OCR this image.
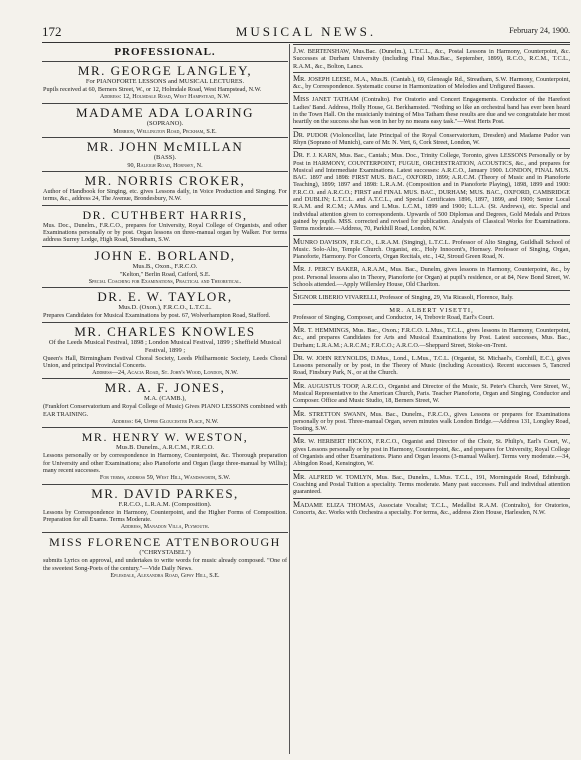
172	MUSICAL NEWS.	February 24, 1900.
PROFESSIONAL.
MR. GEORGE LANGLEY,
For PIANOFORTE LESSONS and MUSICAL LECTURES.
Pupils received at 60, Berners Street, W., or 12, Holmdale Road, West Hampstead, N.W.
Address: 12, Holmdale Road, West Hampstead, N.W.
MADAME ADA LOARING
(SOPRANO).
Merrion, Wellington Road, Peckham, S.E.
MR. JOHN McMILLAN
(BASS).
90, Raleigh Road, Hornsey, N.
MR. NORRIS CROKER,
Author of Handbook for Singing, etc. gives Lessons daily, in Voice Production and Singing. For terms, &c., address 24, The Avenue, Brondesbury, N.W.
DR. CUTHBERT HARRIS,
Mus. Doc., Dunelm., F.R.C.O., prepares for University, Royal College of Organists, and other Examinations personally or by post. Organ lessons on three-manual organ by Walker. For terms address Surrey Lodge, High Road, Streatham, S.W.
JOHN E. BORLAND,
Mus.B., Oxon., F.R.C.O.
"Kelton," Berlin Road, Catford, S.E.
Special Coaching for Examinations, Practical and Theoretical.
DR. E. W. TAYLOR,
Mus.D. (Oxon.), F.R.C.O., L.T.C.L.
Prepares Candidates for Musical Examinations by post. 67, Wolverhampton Road, Stafford.
MR. CHARLES KNOWLES
Of the Leeds Musical Festival, 1898 ; London Musical Festival, 1899 ; Sheffield Musical Festival, 1899 ;
Queen's Hall, Birmingham Festival Choral Society, Leeds Philharmonic Society, Leeds Choral Union, and principal Provincial Concerts.
Address—24, Acacia Road, St. John's Wood, London, N.W.
MR. A. F. JONES,
M.A. (CAMB.),
(Frankfort Conservatorium and Royal College of Music) Gives PIANO LESSONS combined with EAR TRAINING.
Address: 64, Upper Gloucester Place, N.W.
MR. HENRY W. WESTON,
Mus.B. Dunelm., A.R.C.M., F.R.C.O.
Lessons personally or by correspondence in Harmony, Counterpoint, &c. Thorough preparation for University and other Examinations; also Pianoforte and Organ (large three-manual by Willis); many recent successes.
For terms, address 59, West Hill, Wandsworth, S.W.
MR. DAVID PARKES,
F.R.C.O., L.R.A.M. (Composition).
Lessons by Correspondence in Harmony, Counterpoint, and the Higher Forms of Composition. Preparation for all Exams. Terms Moderate.
Address, Manadon Villa, Plymouth.
MISS FLORENCE ATTENBOROUGH
("CHRYSTABEL")
submits Lyrics on approval, and undertakes to write words for music already composed. "One of the sweetest Song-Poets of the century."—Vide Daily News.
Eplesdale, Alexandra Road, Gipsy Hill, S.E.
J.W. BERTENSHAW, Mus.Bac. (Dunelm.), L.T.C.L., &c., Postal Lessons in Harmony, Counterpoint, &c. Successes at Durham University (including Final Mus.Bac., September, 1899), R.C.O., R.C.M., T.C.L., R.A.M., &c., Bolton, Lancs.
MR. JOSEPH LEESE, M.A., Mus.B. (Cantab.), 69, Gleneagle Rd., Streatham, S.W. Harmony, Counterpoint, &c., by Correspondence. Systematic course in Harmonization of Melodies and Unfigured Basses.
MISS JANET TATHAM (Contralto). For Oratorio and Concert Engagements. Conductor of the Harefoot Ladies' Band. Address, Holly House, Gt. Berkhamsted. "Nothing so like an orchestral band has ever been heard in the Town Hall. On the musicianly training of Miss Tatham these results are due and we congratulate her most heartily on the success she has won in her by no means easy task."—West Herts Post.
DR. PUDOR (Violoncellist, late Principal of the Royal Conservatorium, Dresden) and Madame Pudor van Rhyn (Soprano of Munich), care of Mr. N. Vert, 6, Cork Street, London, W.
DR. F. J. KARN, Mus. Bac., Cantab.; Mus. Doc., Trinity College, Toronto, gives LESSONS Personally or by Post in HARMONY, COUNTERPOINT, FUGUE, ORCHESTRATION, ACOUSTICS, &c., and prepares for Musical and Intermediate Examinations. Latest successes: A.R.C.O., January 1900. LONDON, FINAL MUS. BAC. 1897 and 1898: FIRST MUS. BAC., OXFORD, 1899; A.R.C.M. (Theory of Music and in Pianoforte Teaching), 1899; 1897 and 1898: L.R.A.M. (Composition and in Pianoforte Playing), 1898, 1899 and 1900: F.R.C.O. and A.R.C.O.; FIRST and FINAL MUS. BAC., DURHAM; MUS. BAC., OXFORD, CAMBRIDGE and DUBLIN; L.T.C.L. and A.T.C.L., and Special Certificates 1896, 1897, 1899, and 1900; Senior Local R.A.M. and R.C.M.; A.Mus. and L.Mus. L.C.M., 1899 and 1900; L.L.A. (St. Andrews), etc. Special and individual attention given to correspondents. Upwards of 500 Diplomas and Degrees, Gold Medals and Prizes gained by pupils. MSS. corrected and revised for publication. Analysis of Classical Works for Examinations. Terms moderate.—Address, 70, Parkhill Road, London, N.W.
MUNRO DAVISON, F.R.C.O., L.R.A.M. (Singing), L.T.C.L. Professor of Alto Singing, Guildhall School of Music. Solo-Alto, Temple Church. Organist, etc., Holy Innocent's, Hornsey. Professor of Singing, Organ, Pianoforte, Harmony. For Concerts, Organ Recitals, etc., 142, Stroud Green Road, N.
MR. J. PERCY BAKER, A.R.A.M., Mus. Bac., Dunelm, gives lessons in Harmony, Counterpoint, &c., by post. Personal lessons also in Theory, Pianoforte (or Organ) at pupil's residence, or at 84, New Bond Street, W. Schools attended.—Apply Willersley House, Old Charlton.
SIGNOR LIBERIO VIVARELLI, Professor of Singing, 29, Via Ricasoli, Florence, Italy.
MR. ALBERT VISETTI,
Professor of Singing, Composer, and Conductor, 14, Trebovir Road, Earl's Court.
MR. T. HEMMINGS, Mus. Bac., Oxon.; F.R.C.O. L.Mus., T.C.L., gives lessons in Harmony, Counterpoint, &c., and prepares Candidates for Arts and Musical Examinations by Post. Latest successes, Mus. Bac., Durham; L.R.A.M.; A.R.C.M.; F.R.C.O.; A.R.C.O.—Sheppard Street, Stoke-on-Trent.
DR. W. JOHN REYNOLDS, D.Mus., Lond., L.Mus., T.C.L. (Organist, St. Michael's, Cornhill, E.C.), gives Lessons personally or by post, in the Theory of Music (including Acoustics). Recent successes 5, Tancred Road, Finsbury Park, N., or at the Church.
MR. AUGUSTUS TOOP, A.R.C.O., Organist and Director of the Music, St. Peter's Church, Vere Street, W., Musical Representative to the American Church, Paris. Teacher Pianoforte, Organ and Singing, Conductor and Composer. Office and Music Studio, 18, Berners Street, W.
MR. STRETTON SWANN, Mus. Bac., Dunelm., F.R.C.O., gives Lessons or prepares for Examinations personally or by post. Three-manual Organ, seven minutes walk London Bridge.—Address 131, Longley Road, Tooting, S.W.
MR. W. HERBERT HICKOX, F.R.C.O., Organist and Director of the Choir, St. Philip's, Earl's Court, W., gives Lessons personally or by post in Harmony, Counterpoint, &c., and prepares for University, Royal College of Organists and other Examinations. Piano and Organ lessons (3-manual Walker). Terms very moderate.—34, Abingdon Road, Kensington, W.
MR. ALFRED W. TOMLYN, Mus. Bac., Dunelm., L.Mus. T.C.L., 191, Morningside Road, Edinburgh. Coaching and Postal Tuition a speciality. Terms moderate. Many past successes. Full and individual attention guaranteed.
MADAME ELIZA THOMAS, Associate Vocalist; T.C.L., Medallist R.A.M. (Contralto), for Oratorios, Concerts, &c. Works with Orchestra a specialty. For terms, &c., address Zion House, Harlesden, N.W.
